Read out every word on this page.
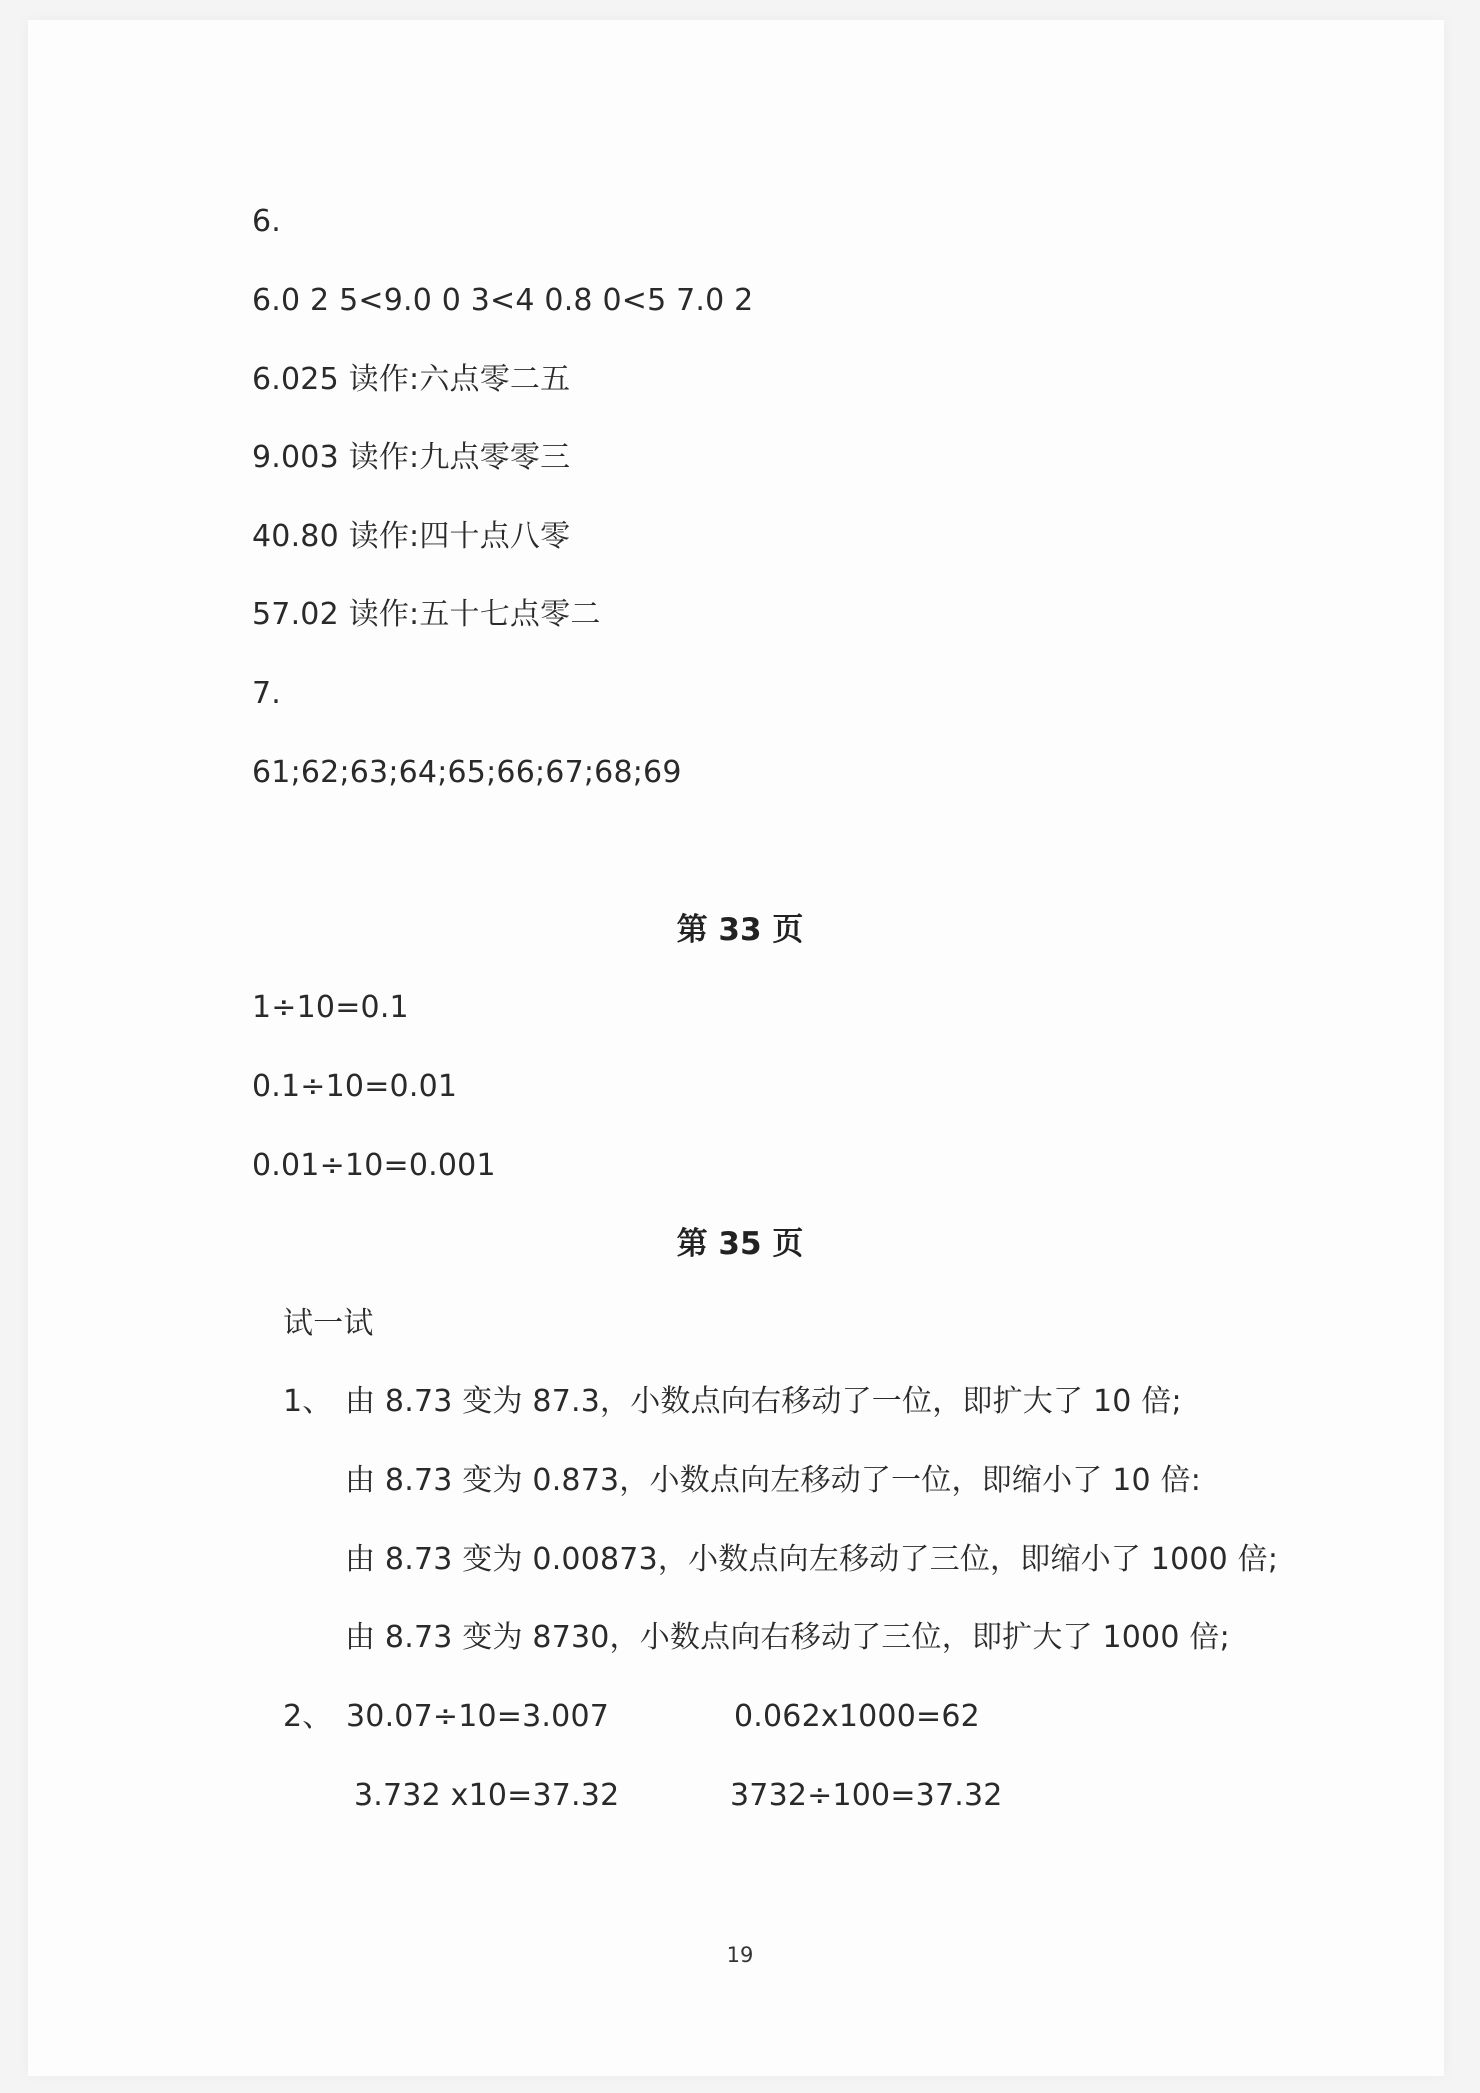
6.
6.0 2 5<9.0 0 3<4 0.8 0<5 7.0 2
6.025 读作:六点零二五
9.003 读作:九点零零三
40.80 读作:四十点八零
57.02 读作:五十七点零二
7.
61;62;63;64;65;66;67;68;69
第 33 页
1÷10=0.1
0.1÷10=0.01
0.01÷10=0.001
第 35 页
试一试
1、 由 8.73 变为 87.3，小数点向右移动了一位，即扩大了 10 倍;
由 8.73 变为 0.873，小数点向左移动了一位，即缩小了 10 倍:
由 8.73 变为 0.00873，小数点向左移动了三位，即缩小了 1000 倍;
由 8.73 变为 8730，小数点向右移动了三位，即扩大了 1000 倍;
2、 30.07÷10=3.007	0.062x1000=62
3.732 x10=37.32	3732÷100=37.32
19
